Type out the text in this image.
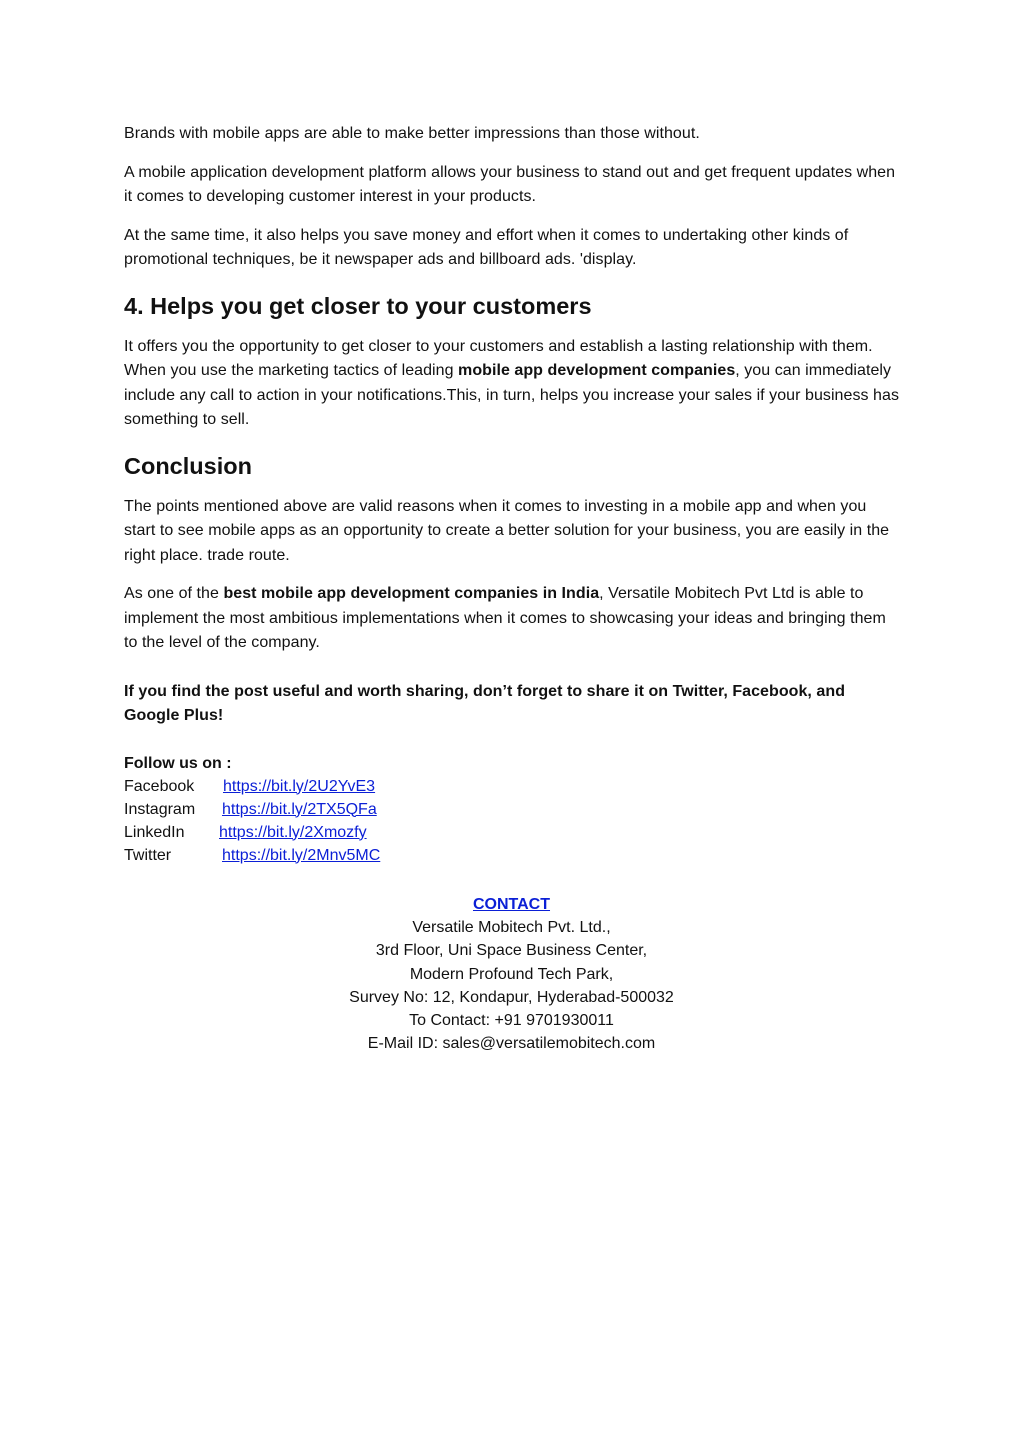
Brands with mobile apps are able to make better impressions than those without.

A mobile application development platform allows your business to stand out and get frequent updates when it comes to developing customer interest in your products.

At the same time, it also helps you save money and effort when it comes to undertaking other kinds of promotional techniques, be it newspaper ads and billboard ads. 'display.

4. Helps you get closer to your customers

It offers you the opportunity to get closer to your customers and establish a lasting relationship with them. When you use the marketing tactics of leading mobile app development companies, you can immediately include any call to action in your notifications.This, in turn, helps you increase your sales if your business has something to sell.

Conclusion

The points mentioned above are valid reasons when it comes to investing in a mobile app and when you start to see mobile apps as an opportunity to create a better solution for your business, you are easily in the right place. trade route.

As one of the best mobile app development companies in India, Versatile Mobitech Pvt Ltd is able to implement the most ambitious implementations when it comes to showcasing your ideas and bringing them to the level of the company.

If you find the post useful and worth sharing, don’t forget to share it on Twitter, Facebook, and Google Plus!

Follow us on :
Facebook	https://bit.ly/2U2YvE3
Instagram	https://bit.ly/2TX5QFa
LinkedIn	https://bit.ly/2Xmozfy
Twitter	https://bit.ly/2Mnv5MC
CONTACT
Versatile Mobitech Pvt. Ltd.,
3rd Floor, Uni Space Business Center,
Modern Profound Tech Park,
Survey No: 12, Kondapur, Hyderabad-500032
To Contact: +91 9701930011
E-Mail ID: sales@versatilemobitech.com
